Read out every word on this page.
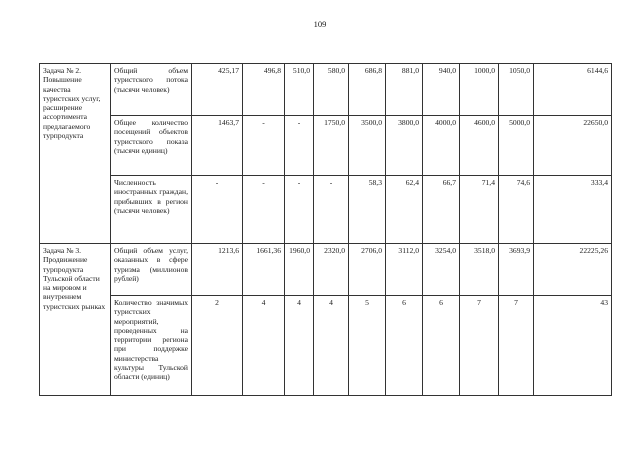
109
Задача № 2. Повышение качества туристских услуг, расширение ассортимента предлагаемого турпродукта	Общий объем туристского потока (тысячи человек)	425,17	496,8	510,0	580,0	686,8	881,0	940,0	1000,0	1050,0	6144,6
	Общее количество посещений объектов туристского показа (тысячи единиц)	1463,7	-	-	1750,0	3500,0	3800,0	4000,0	4600,0	5000,0	22650,0
	Численность иностранных граждан, прибывших в регион (тысячи человек)	-	-	-	-	58,3	62,4	66,7	71,4	74,6	333,4
Задача № 3. Продвижение турпродукта Тульской области на мировом и внутреннем туристских рынках	Общий объем услуг, оказанных в сфере туризма (миллионов рублей)	1213,6	1661,36	1960,0	2320,0	2706,0	3112,0	3254,0	3518,0	3693,9	22225,26
	Количество значимых туристских мероприятий, проведенных на территории региона при поддержке министерства культуры Тульской области (единиц)	2	4	4	4	5	6	6	7	7	43
